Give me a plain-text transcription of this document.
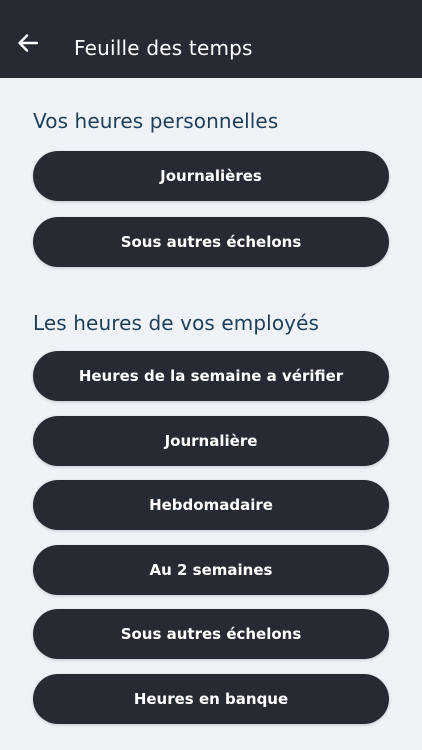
Feuille des temps
Vos heures personnelles
Journalières
Sous autres échelons
Les heures de vos employés
Heures de la semaine a vérifier
Journalière
Hebdomadaire
Au 2 semaines
Sous autres échelons
Heures en banque
